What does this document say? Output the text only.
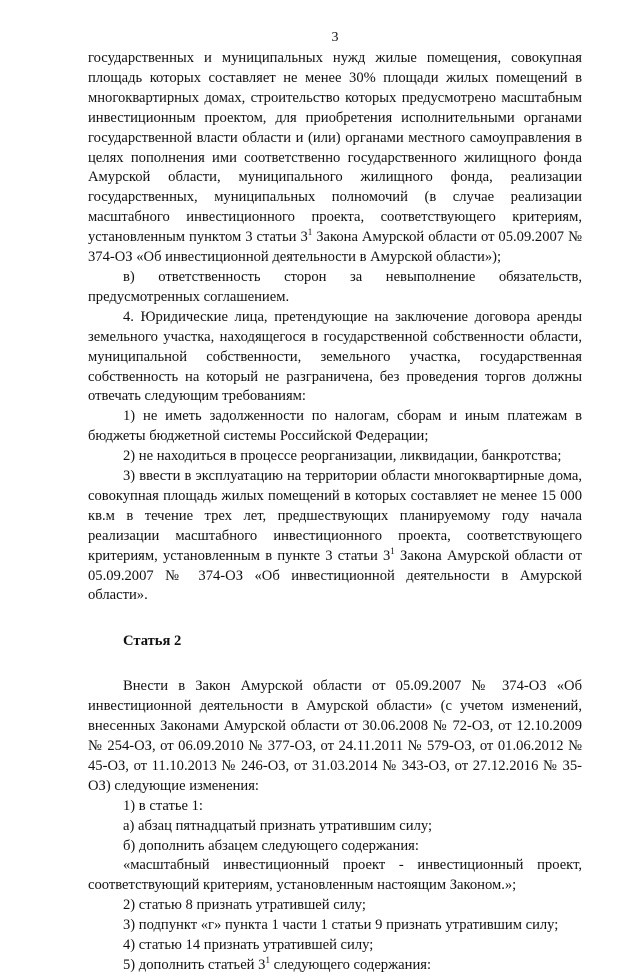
3

государственных и муниципальных нужд жилые помещения, совокупная площадь которых составляет не менее 30% площади жилых помещений в многоквартирных домах, строительство которых предусмотрено масштабным инвестиционным проектом, для приобретения исполнительными органами государственной власти области и (или) органами местного самоуправления в целях пополнения ими соответственно государственного жилищного фонда Амурской области, муниципального жилищного фонда, реализации государственных, муниципальных полномочий (в случае реализации масштабного инвестиционного проекта, соответствующего критериям, установленным пунктом 3 статьи $3^1$ Закона Амурской области от 05.09.2007 № 374-ОЗ «Об инвестиционной деятельности в Амурской области»);

в) ответственность сторон за невыполнение обязательств, предусмотренных соглашением.

4. Юридические лица, претендующие на заключение договора аренды земельного участка, находящегося в государственной собственности области, муниципальной собственности, земельного участка, государственная собственность на который не разграничена, без проведения торгов должны отвечать следующим требованиям:

1) не иметь задолженности по налогам, сборам и иным платежам в бюджеты бюджетной системы Российской Федерации;

2) не находиться в процессе реорганизации, ликвидации, банкротства;

3) ввести в эксплуатацию на территории области многоквартирные дома, совокупная площадь жилых помещений в которых составляет не менее 15 000 кв.м в течение трех лет, предшествующих планируемому году начала реализации масштабного инвестиционного проекта, соответствующего критериям, установленным в пункте 3 статьи $3^1$ Закона Амурской области от 05.09.2007 № 374-ОЗ «Об инвестиционной деятельности в Амурской области».

Статья 2

Внести в Закон Амурской области от 05.09.2007 № 374-ОЗ «Об инвестиционной деятельности в Амурской области» (с учетом изменений, внесенных Законами Амурской области от 30.06.2008 № 72-ОЗ, от 12.10.2009 № 254-ОЗ, от 06.09.2010 № 377-ОЗ, от 24.11.2011 № 579-ОЗ, от 01.06.2012 № 45-ОЗ, от 11.10.2013 № 246-ОЗ, от 31.03.2014 № 343-ОЗ, от 27.12.2016 № 35-ОЗ) следующие изменения:

1) в статье 1:

а) абзац пятнадцатый признать утратившим силу;

б) дополнить абзацем следующего содержания:

«масштабный инвестиционный проект - инвестиционный проект, соответствующий критериям, установленным настоящим Законом.»;

2) статью 8 признать утратившей силу;

3) подпункт «г» пункта 1 части 1 статьи 9 признать утратившим силу;

4) статью 14 признать утратившей силу;

5) дополнить статьей $3^1$ следующего содержания:
